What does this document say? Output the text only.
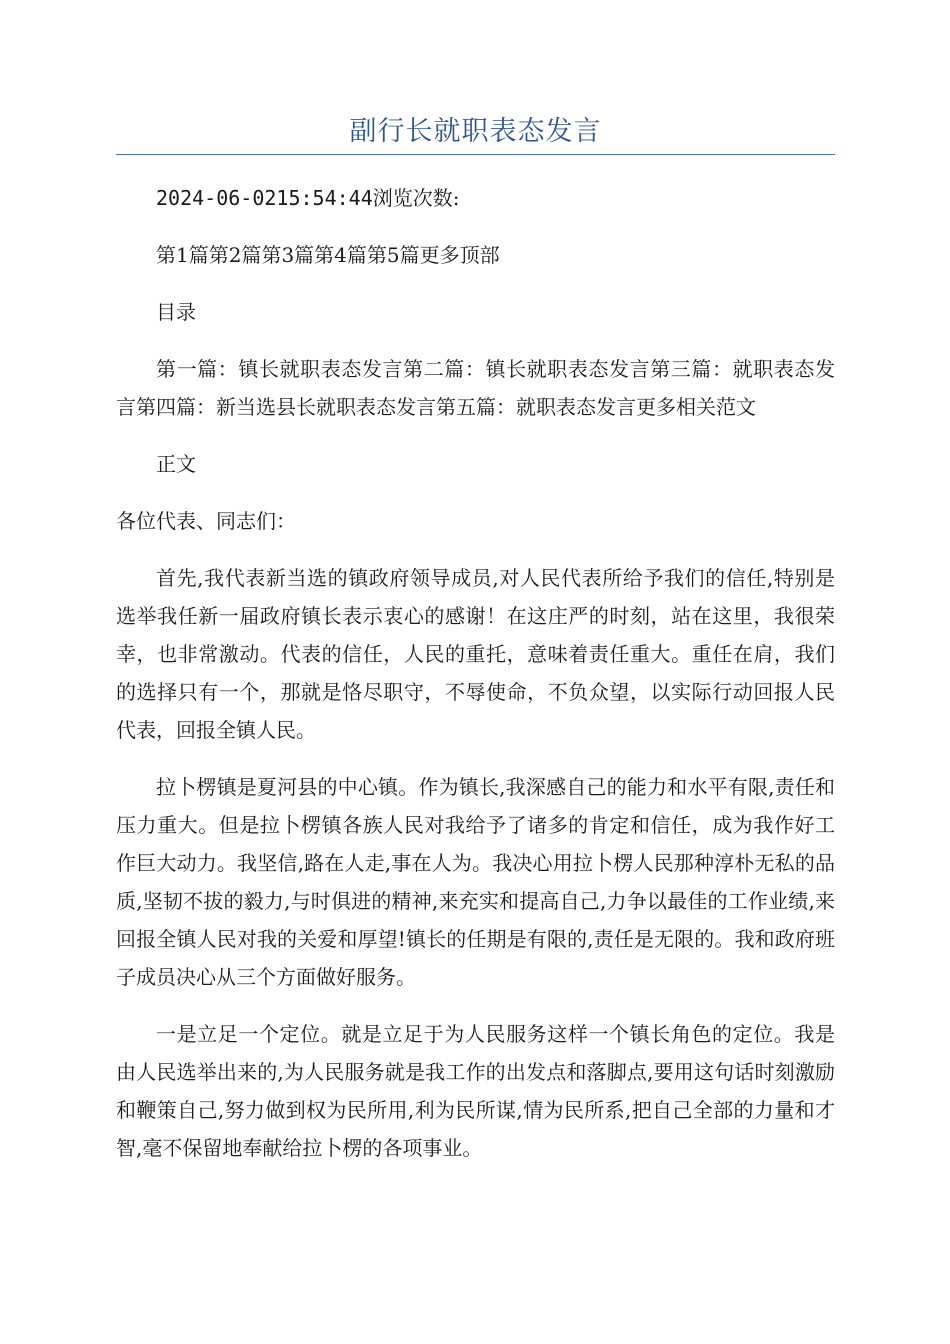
副行长就职表态发言

2024-06-0215:54:44浏览次数:

第1篇第2篇第3篇第4篇第5篇更多顶部

目录

第一篇：镇长就职表态发言第二篇：镇长就职表态发言第三篇：就职表态发言第四篇：新当选县长就职表态发言第五篇：就职表态发言更多相关范文

正文

各位代表、同志们：

首先,我代表新当选的镇政府领导成员,对人民代表所给予我们的信任,特别是选举我任新一届政府镇长表示衷心的感谢！在这庄严的时刻，站在这里，我很荣幸，也非常激动。代表的信任，人民的重托，意味着责任重大。重任在肩，我们的选择只有一个，那就是恪尽职守，不辱使命，不负众望，以实际行动回报人民代表，回报全镇人民。

拉卜楞镇是夏河县的中心镇。作为镇长,我深感自己的能力和水平有限,责任和压力重大。但是拉卜楞镇各族人民对我给予了诸多的肯定和信任，成为我作好工作巨大动力。我坚信,路在人走,事在人为。我决心用拉卜楞人民那种淳朴无私的品质,坚韧不拔的毅力,与时俱进的精神,来充实和提高自己,力争以最佳的工作业绩,来回报全镇人民对我的关爱和厚望!镇长的任期是有限的,责任是无限的。我和政府班子成员决心从三个方面做好服务。

一是立足一个定位。就是立足于为人民服务这样一个镇长角色的定位。我是由人民选举出来的,为人民服务就是我工作的出发点和落脚点,要用这句话时刻激励和鞭策自己,努力做到权为民所用,利为民所谋,情为民所系,把自己全部的力量和才智,毫不保留地奉献给拉卜楞的各项事业。
